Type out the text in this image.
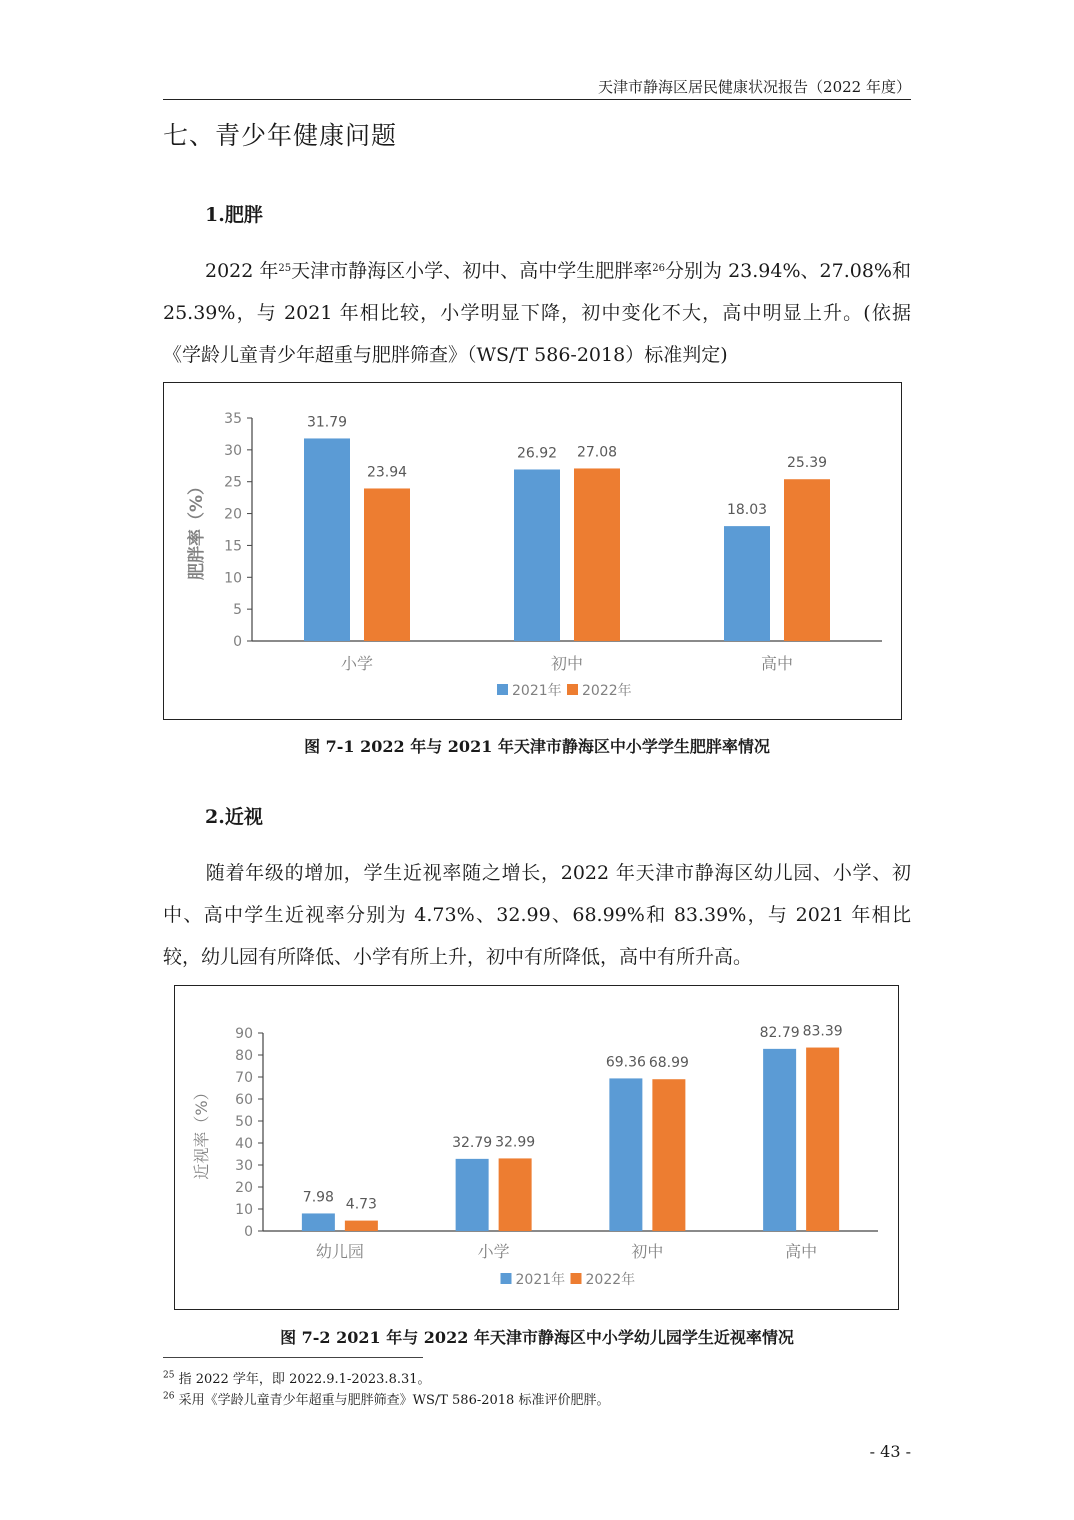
天津市静海区居民健康状况报告（2022 年度）
七、青少年健康问题
1.肥胖
2022 年$^{25}$天津市静海区小学、初中、高中学生肥胖率$^{26}$分别为 23.94%、27.08%和 25.39%，与 2021 年相比较，小学明显下降，初中变化不大，高中明显上升。(依据《学龄儿童青少年超重与肥胖筛查》（WS/T 586-2018）标准判定)
0
5
10
15
20
25
30
35
肥胖率（%）
小学
31.79
23.94
初中
26.92 27.08
高中
18.03
25.39
2021年 2022年
图 7-1 2022 年与 2021 年天津市静海区中小学学生肥胖率情况
2.近视
随着年级的增加，学生近视率随之增长，2022 年天津市静海区幼儿园、小学、初中、高中学生近视率分别为 4.73%、32.99、68.99%和 83.39%，与 2021 年相比较，幼儿园有所降低、小学有所上升，初中有所降低，高中有所升高。
0
10
20
30
40
50
60
70
80
90
近视率（%）
幼儿园
7.98 4.73
小学
32.79 32.99
初中
69.36 68.99
高中
82.79 83.39
2021年 2022年
图 7-2 2021 年与 2022 年天津市静海区中小学幼儿园学生近视率情况
$^{25}$ 指 2022 学年，即 2022.9.1-2023.8.31。
$^{26}$ 采用《学龄儿童青少年超重与肥胖筛查》WS/T 586-2018 标准评价肥胖。
- 43 -
